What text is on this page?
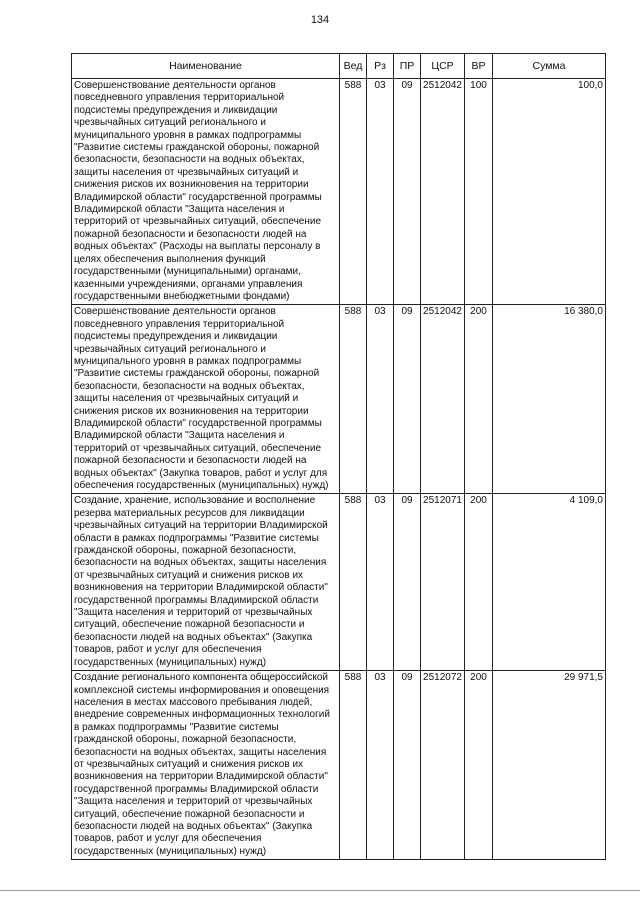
134
Наименование	Вед	Рз	ПР	ЦСР	ВР	Сумма
Совершенствование деятельности органов повседневного управления территориальной подсистемы предупреждения и ликвидации чрезвычайных ситуаций регионального и муниципального уровня в рамках подпрограммы "Развитие системы гражданской обороны, пожарной безопасности, безопасности на водных объектах, защиты населения от чрезвычайных ситуаций и снижения рисков их возникновения на территории Владимирской области" государственной программы Владимирской области "Защита населения и территорий от чрезвычайных ситуаций, обеспечение пожарной безопасности и безопасности людей на водных объектах" (Расходы на выплаты персоналу в целях обеспечения выполнения функций государственными (муниципальными) органами, казенными учреждениями, органами управления государственными внебюджетными фондами)	588	03	09	2512042	100	100,0
Совершенствование деятельности органов повседневного управления территориальной подсистемы предупреждения и ликвидации чрезвычайных ситуаций регионального и муниципального уровня в рамках подпрограммы "Развитие системы гражданской обороны, пожарной безопасности, безопасности на водных объектах, защиты населения от чрезвычайных ситуаций и снижения рисков их возникновения на территории Владимирской области" государственной программы Владимирской области "Защита населения и территорий от чрезвычайных ситуаций, обеспечение пожарной безопасности и безопасности людей на водных объектах" (Закупка товаров, работ и услуг для обеспечения государственных (муниципальных) нужд)	588	03	09	2512042	200	16 380,0
Создание, хранение, использование и восполнение резерва материальных ресурсов для ликвидации чрезвычайных ситуаций на территории Владимирской области в рамках подпрограммы "Развитие системы гражданской обороны, пожарной безопасности, безопасности на водных объектах, защиты населения от чрезвычайных ситуаций и снижения рисков их возникновения на территории Владимирской области" государственной программы Владимирской области "Защита населения и территорий от чрезвычайных ситуаций, обеспечение пожарной безопасности и безопасности людей на водных объектах" (Закупка товаров, работ и услуг для обеспечения государственных (муниципальных) нужд)	588	03	09	2512071	200	4 109,0
Создание регионального компонента общероссийской комплексной системы информирования и оповещения населения в местах массового пребывания людей, внедрение современных информационных технологий в рамках подпрограммы "Развитие системы гражданской обороны, пожарной безопасности, безопасности на водных объектах, защиты населения от чрезвычайных ситуаций и снижения рисков их возникновения на территории Владимирской области" государственной программы Владимирской области "Защита населения и территорий от чрезвычайных ситуаций, обеспечение пожарной безопасности и безопасности людей на водных объектах" (Закупка товаров, работ и услуг для обеспечения государственных (муниципальных) нужд)	588	03	09	2512072	200	29 971,5
